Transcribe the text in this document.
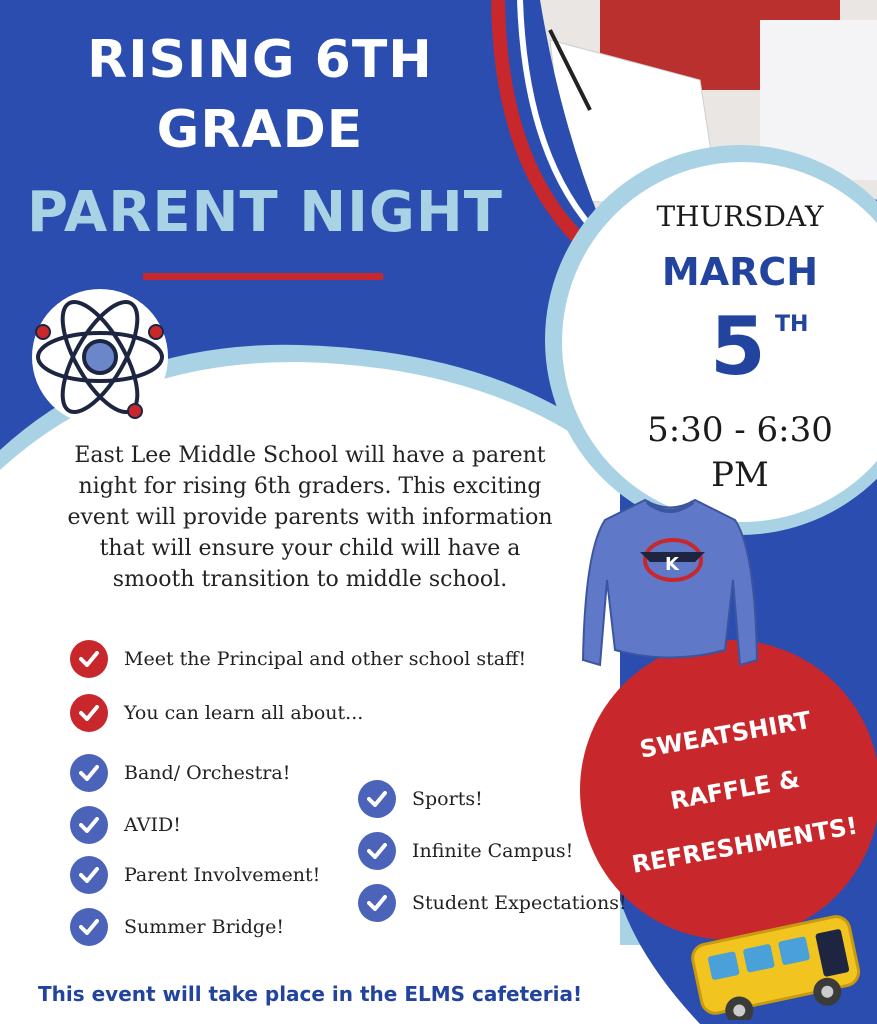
RISING 6TH
GRADE
PARENT NIGHT	THURSDAY
MARCH
5 TH
5:30 - 6:30
PM
East Lee Middle School will have a parent
night for rising 6th graders. This exciting
event will provide parents with information
that will ensure your child will have a
smooth transition to middle school.
Meet the Principal and other school staff!
You can learn all about...
Band/ Orchestra!
AVID!
Parent Involvement!
Summer Bridge!
Sports!
Infinite Campus!
Student Expectations!
K
SWEATSHIRT
RAFFLE &
REFRESHMENTS!
This event will take place in the ELMS cafeteria!
